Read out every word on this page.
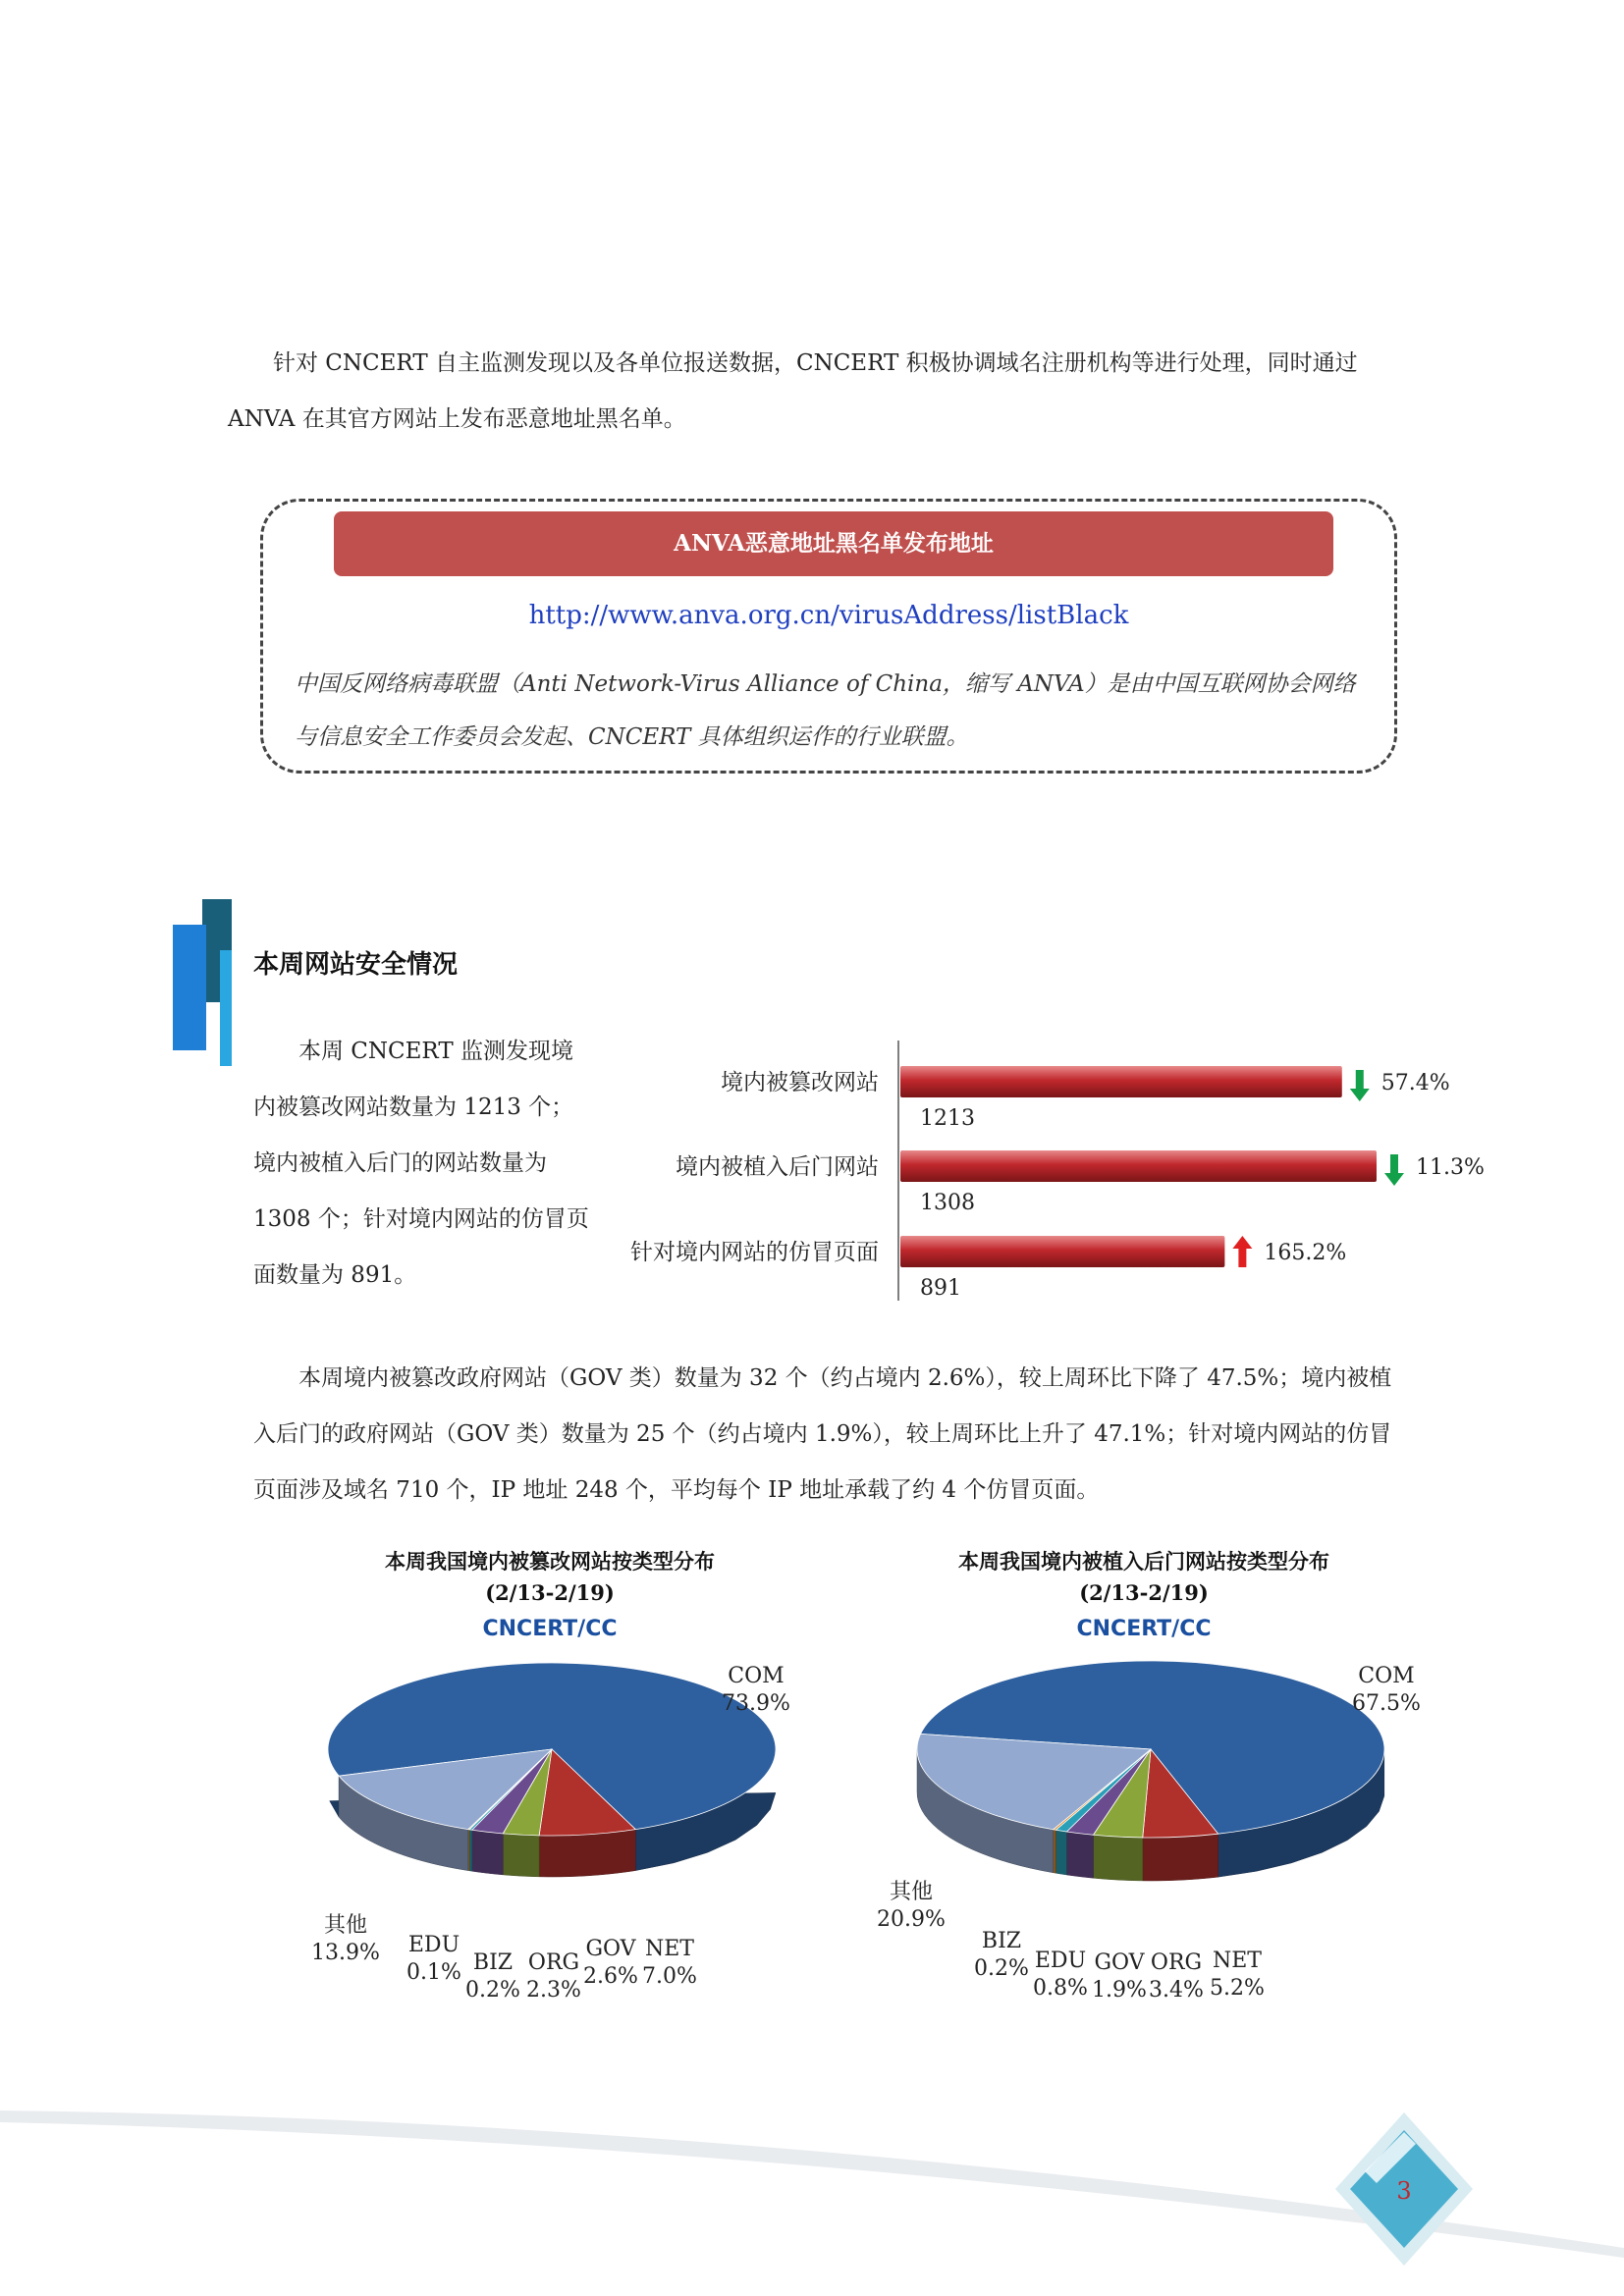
针对 CNCERT 自主监测发现以及各单位报送数据，CNCERT 积极协调域名注册机构等进行处理，同时通过 ANVA 在其官方网站上发布恶意地址黑名单。
ANVA恶意地址黑名单发布地址
http://www.anva.org.cn/virusAddress/listBlack
中国反网络病毒联盟（Anti Network-Virus Alliance of China，缩写 ANVA）是由中国互联网协会网络与信息安全工作委员会发起、CNCERT 具体组织运作的行业联盟。
本周网站安全情况
本周 CNCERT 监测发现境内被篡改网站数量为 1213 个；境内被植入后门的网站数量为 1308 个；针对境内网站的仿冒页面数量为 891。
境内被篡改网站
1213
57.4%
境内被植入后门网站
1308
11.3%
针对境内网站的仿冒页面
891
165.2%
本周境内被篡改政府网站（GOV 类）数量为 32 个（约占境内 2.6%），较上周环比下降了 47.5%；境内被植入后门的政府网站（GOV 类）数量为 25 个（约占境内 1.9%），较上周环比上升了 47.1%；针对境内网站的仿冒页面涉及域名 710 个，IP 地址 248 个，平均每个 IP 地址承载了约 4 个仿冒页面。
本周我国境内被篡改网站按类型分布
(2/13-2/19)
CNCERT/CC
COM
73.9%
NET
7.0%
GOV
2.6%
ORG
2.3%
BIZ
0.2%
EDU
0.1%
其他
13.9%
本周我国境内被植入后门网站按类型分布
(2/13-2/19)
CNCERT/CC
COM
67.5%
NET
5.2%
ORG
3.4%
GOV
1.9%
EDU
0.8%
BIZ
0.2%
其他
20.9%
3
